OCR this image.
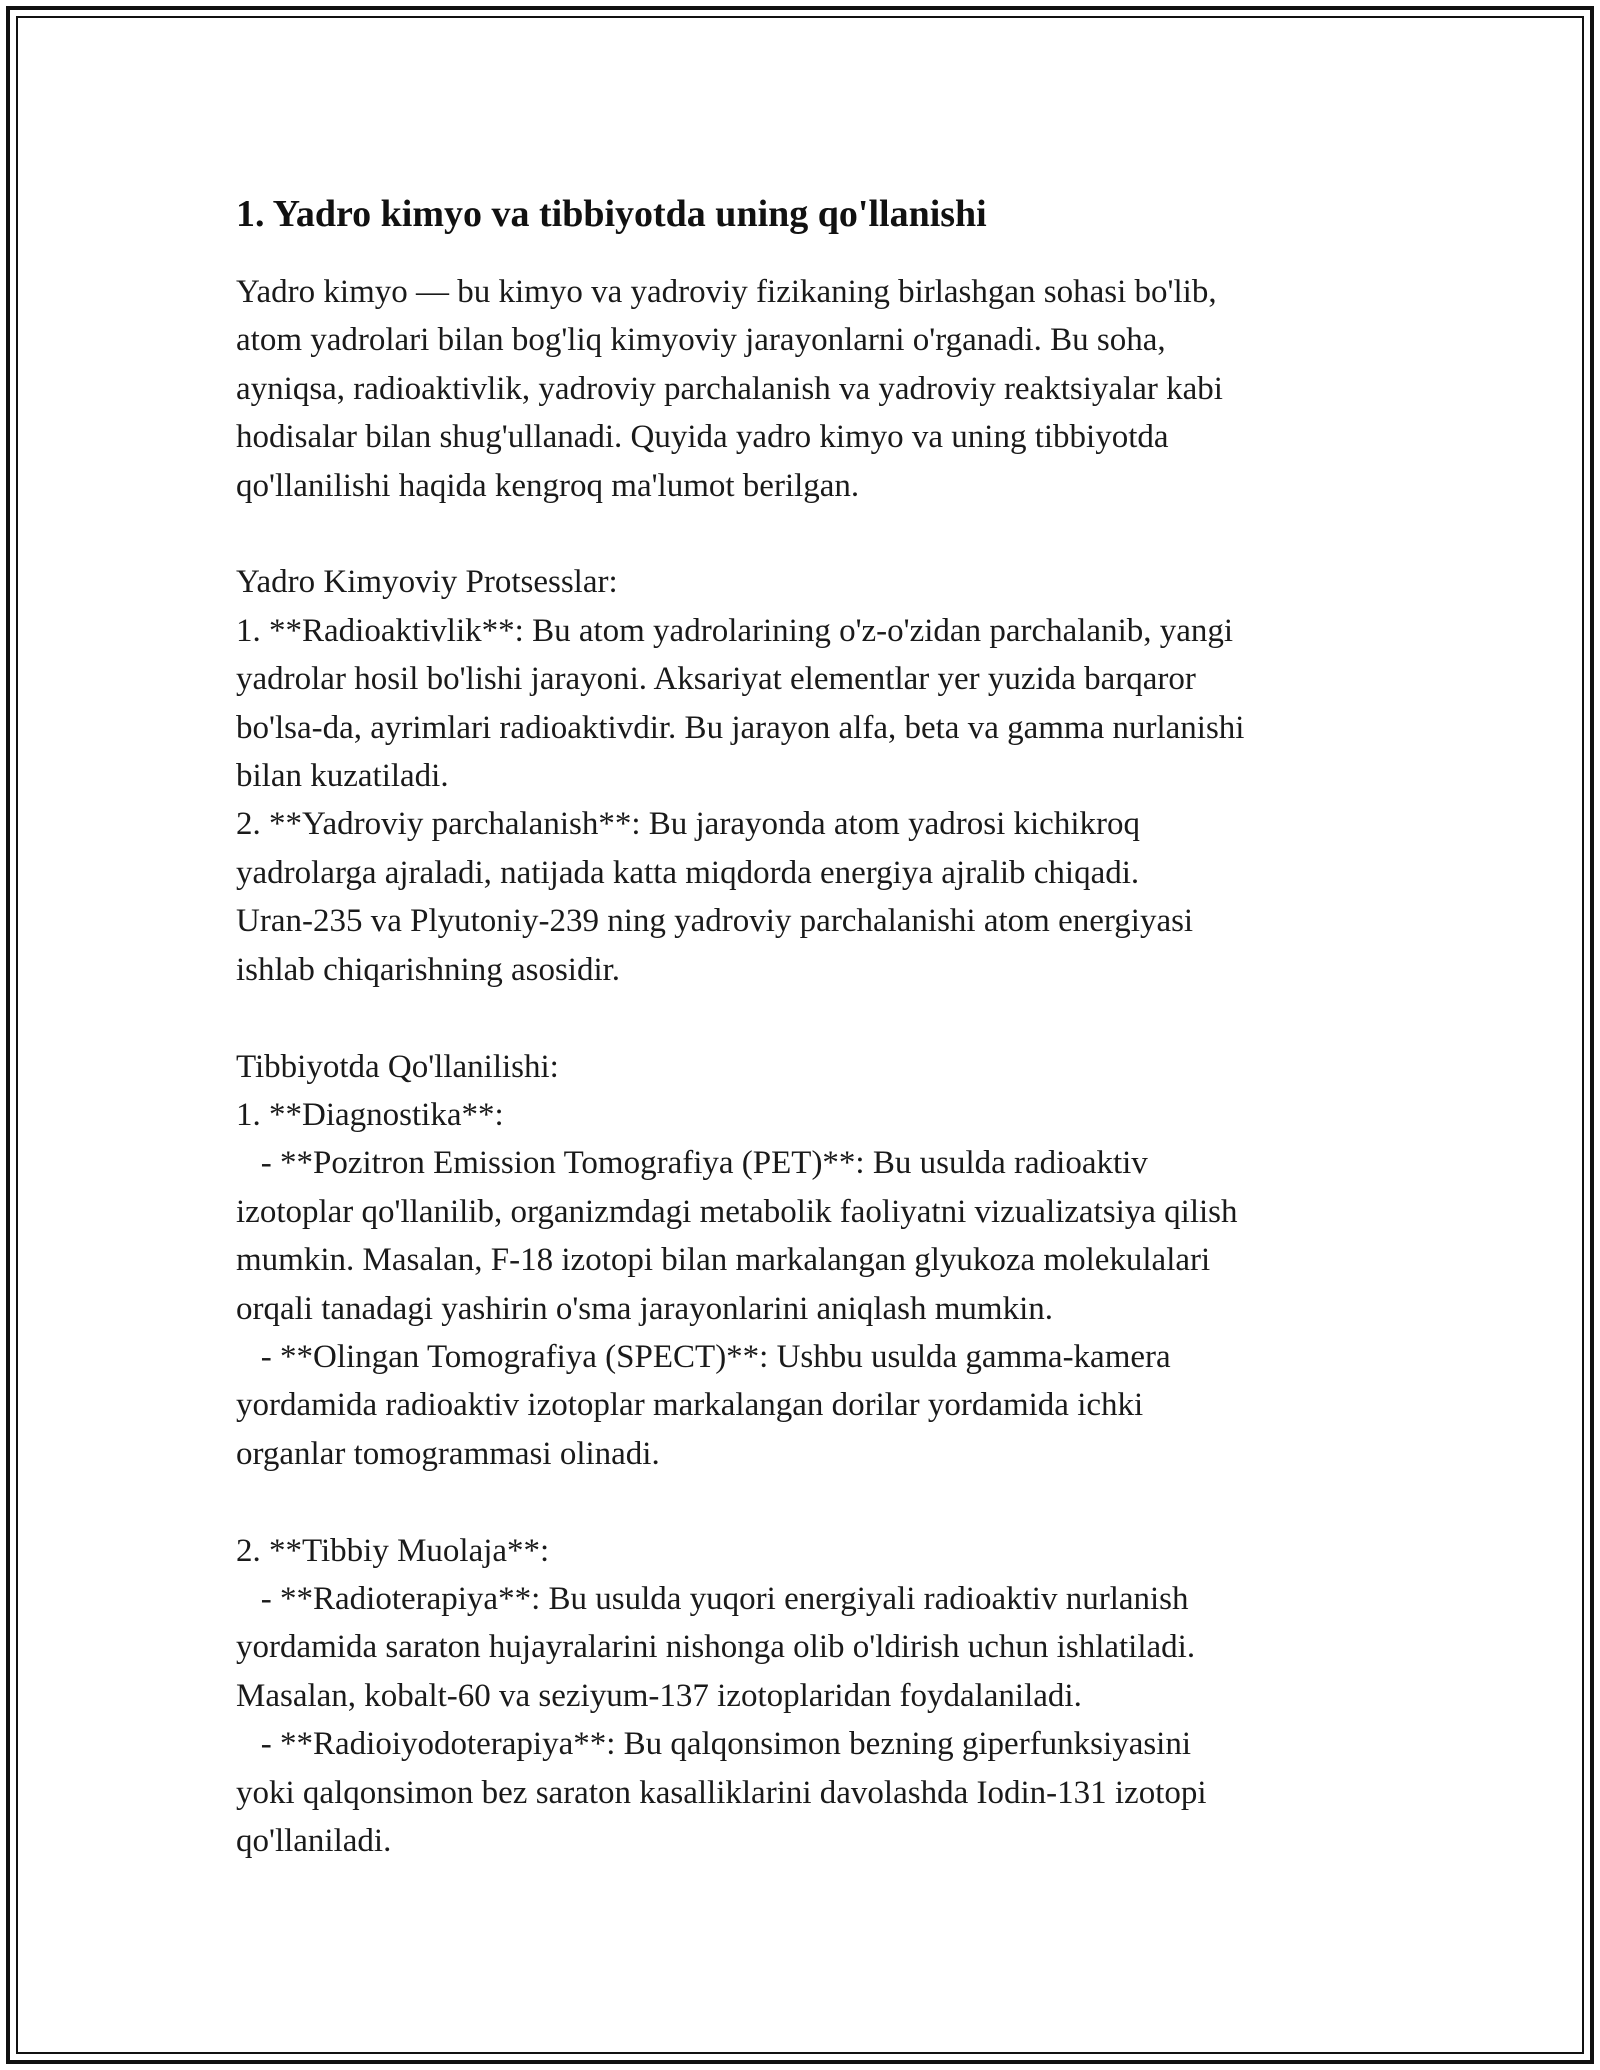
1. Yadro kimyo va tibbiyotda uning qo'llanishi

Yadro kimyo — bu kimyo va yadroviy fizikaning birlashgan sohasi bo'lib,
atom yadrolari bilan bog'liq kimyoviy jarayonlarni o'rganadi. Bu soha,
ayniqsa, radioaktivlik, yadroviy parchalanish va yadroviy reaktsiyalar kabi
hodisalar bilan shug'ullanadi. Quyida yadro kimyo va uning tibbiyotda
qo'llanilishi haqida kengroq ma'lumot berilgan.

Yadro Kimyoviy Protsesslar:
1. **Radioaktivlik**: Bu atom yadrolarining o'z-o'zidan parchalanib, yangi
yadrolar hosil bo'lishi jarayoni. Aksariyat elementlar yer yuzida barqaror
bo'lsa-da, ayrimlari radioaktivdir. Bu jarayon alfa, beta va gamma nurlanishi
bilan kuzatiladi.
2. **Yadroviy parchalanish**: Bu jarayonda atom yadrosi kichikroq
yadrolarga ajraladi, natijada katta miqdorda energiya ajralib chiqadi.
Uran-235 va Plyutoniy-239 ning yadroviy parchalanishi atom energiyasi
ishlab chiqarishning asosidir.

Tibbiyotda Qo'llanilishi:
1. **Diagnostika**:
- **Pozitron Emission Tomografiya (PET)**: Bu usulda radioaktiv
izotoplar qo'llanilib, organizmdagi metabolik faoliyatni vizualizatsiya qilish
mumkin. Masalan, F-18 izotopi bilan markalangan glyukoza molekulalari
orqali tanadagi yashirin o'sma jarayonlarini aniqlash mumkin.
- **Olingan Tomografiya (SPECT)**: Ushbu usulda gamma-kamera
yordamida radioaktiv izotoplar markalangan dorilar yordamida ichki
organlar tomogrammasi olinadi.

2. **Tibbiy Muolaja**:
- **Radioterapiya**: Bu usulda yuqori energiyali radioaktiv nurlanish
yordamida saraton hujayralarini nishonga olib o'ldirish uchun ishlatiladi.
Masalan, kobalt-60 va seziyum-137 izotoplaridan foydalaniladi.
- **Radioiyodoterapiya**: Bu qalqonsimon bezning giperfunksiyasini
yoki qalqonsimon bez saraton kasalliklarini davolashda Iodin-131 izotopi
qo'llaniladi.
